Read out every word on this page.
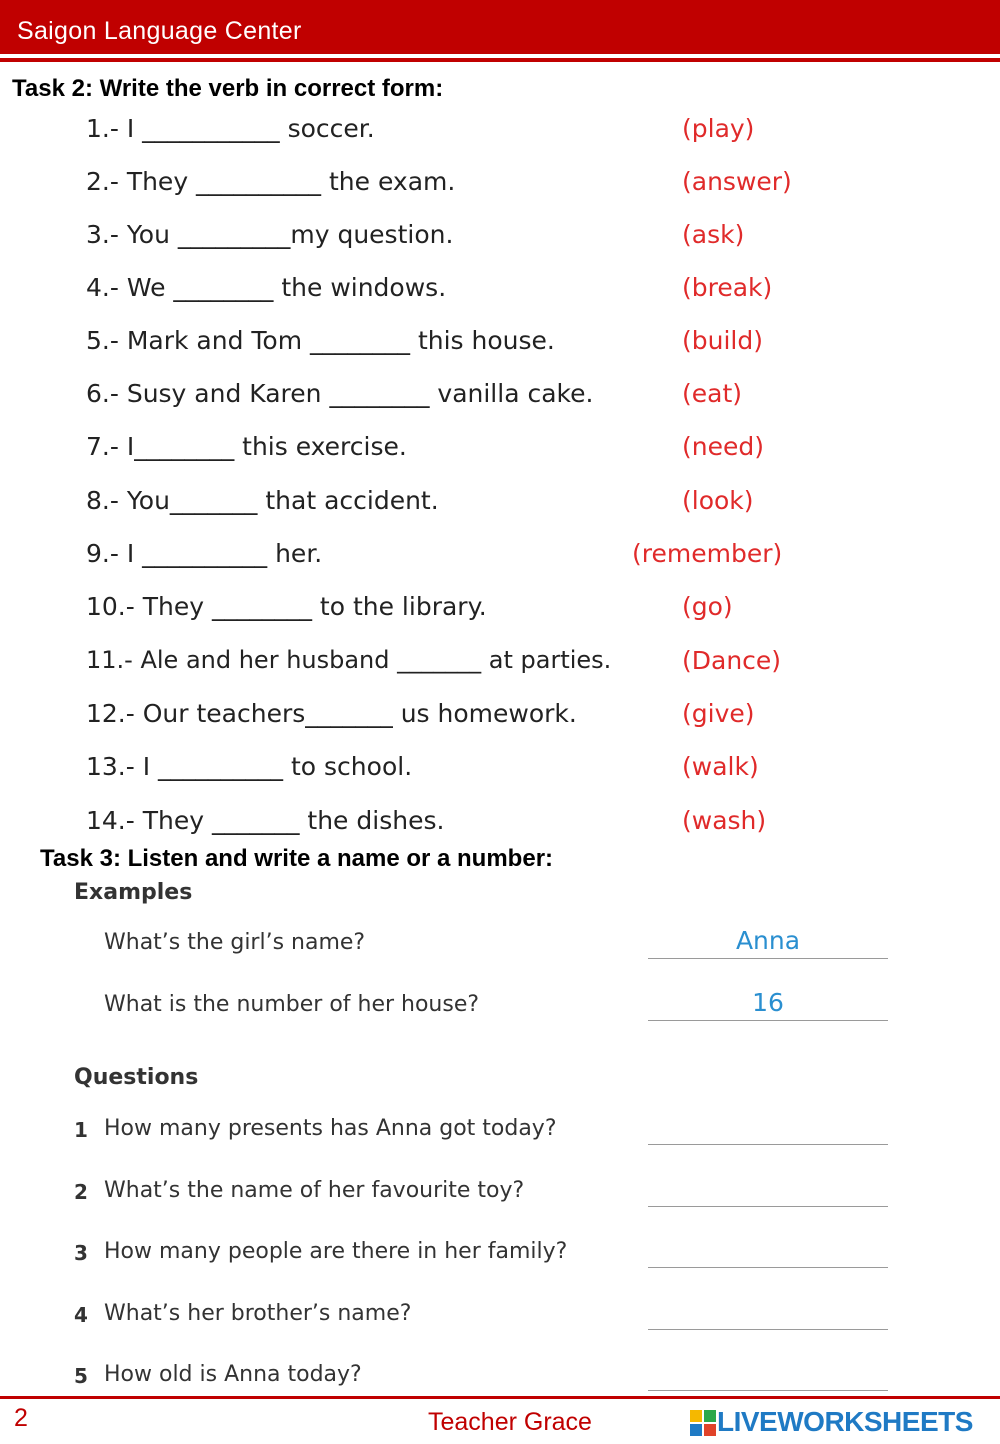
Saigon Language Center
Task 2: Write the verb in correct form:
1.- I ___________ soccer.	(play)
2.- They __________ the exam.	(answer)
3.- You _________my question.	(ask)
4.- We ________ the windows.	(break)
5.- Mark and Tom ________ this house.	(build)
6.- Susy and Karen ________ vanilla cake.	(eat)
7.- I________ this exercise.	(need)
8.- You_______ that accident.	(look)
9.- I __________ her.	(remember)
10.- They ________ to the library.	(go)
11.- Ale and her husband _______ at parties.	(Dance)
12.- Our teachers_______ us homework.	(give)
13.- I __________ to school.	(walk)
14.- They _______ the dishes.	(wash)
Task 3: Listen and write a name or a number:
Examples
What’s the girl’s name?	Anna
What is the number of her house?	16
Questions
1 How many presents has Anna got today?
2 What’s the name of her favourite toy?
3 How many people are there in her family?
4 What’s her brother’s name?
5 How old is Anna today?
2	Teacher Grace	LIVEWORKSHEETS
